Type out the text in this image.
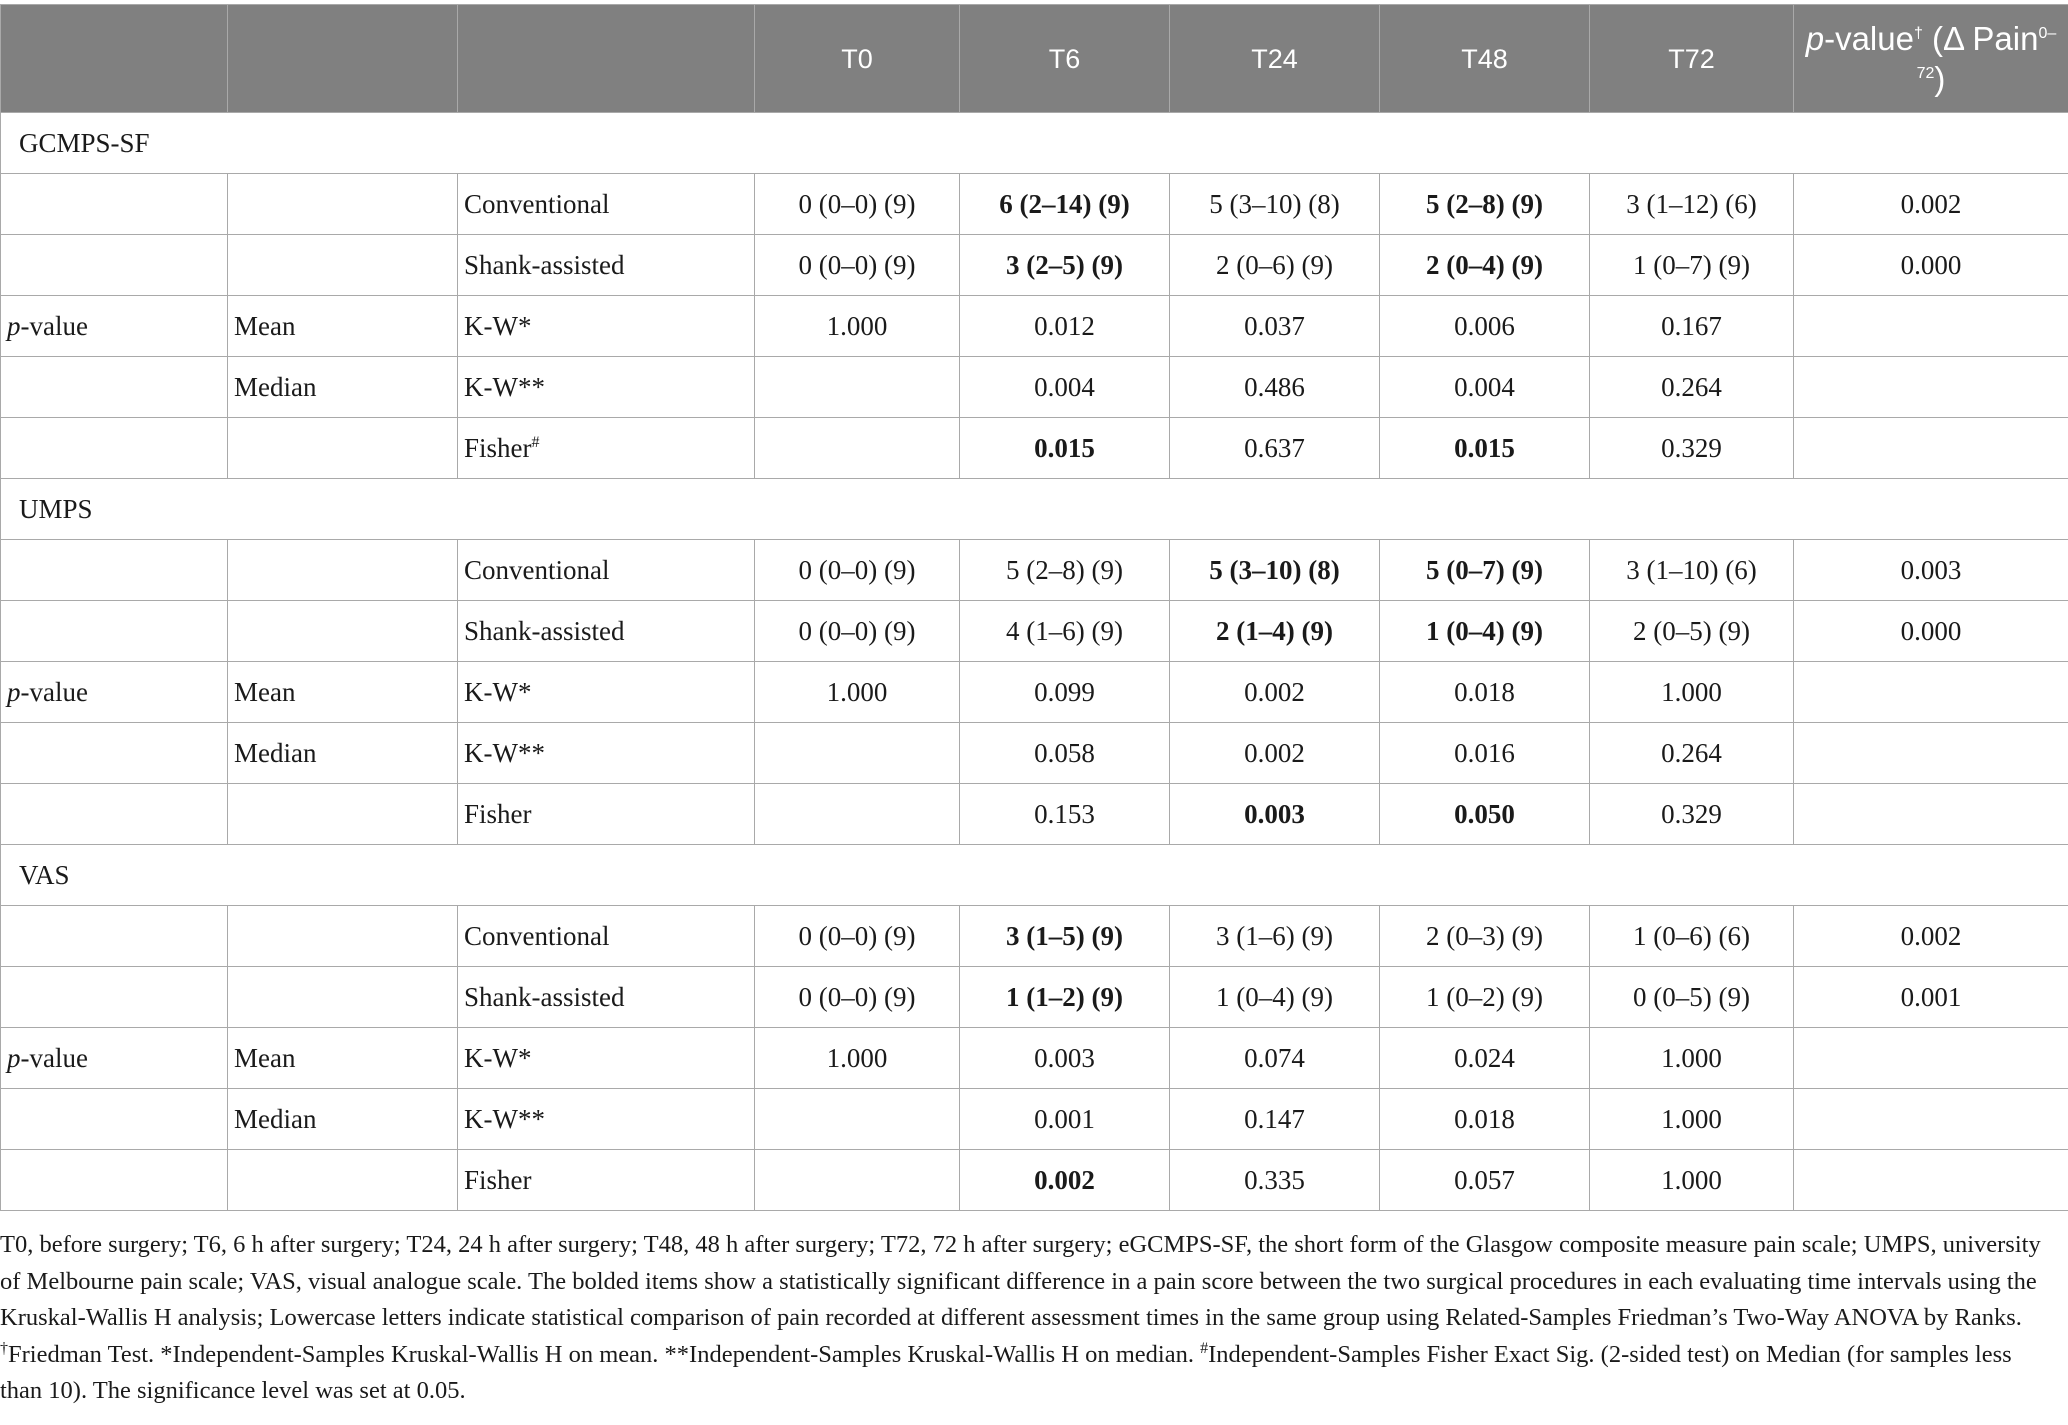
			T0	T6	T24	T48	T72	p-value† (Δ Pain$^{0-72}$)
GCMPS-SF								
		Conventional	0 (0–0) (9)	6 (2–14) (9)	5 (3–10) (8)	5 (2–8) (9)	3 (1–12) (6)	0.002
		Shank-assisted	0 (0–0) (9)	3 (2–5) (9)	2 (0–6) (9)	2 (0–4) (9)	1 (0–7) (9)	0.000
p-value	Mean	K-W*	1.000	0.012	0.037	0.006	0.167	
	Median	K-W**		0.004	0.486	0.004	0.264	
		Fisher#		0.015	0.637	0.015	0.329	
UMPS								
		Conventional	0 (0–0) (9)	5 (2–8) (9)	5 (3–10) (8)	5 (0–7) (9)	3 (1–10) (6)	0.003
		Shank-assisted	0 (0–0) (9)	4 (1–6) (9)	2 (1–4) (9)	1 (0–4) (9)	2 (0–5) (9)	0.000
p-value	Mean	K-W*	1.000	0.099	0.002	0.018	1.000	
	Median	K-W**		0.058	0.002	0.016	0.264	
		Fisher		0.153	0.003	0.050	0.329	
VAS								
		Conventional	0 (0–0) (9)	3 (1–5) (9)	3 (1–6) (9)	2 (0–3) (9)	1 (0–6) (6)	0.002
		Shank-assisted	0 (0–0) (9)	1 (1–2) (9)	1 (0–4) (9)	1 (0–2) (9)	0 (0–5) (9)	0.001
p-value	Mean	K-W*	1.000	0.003	0.074	0.024	1.000	
	Median	K-W**		0.001	0.147	0.018	1.000	
		Fisher		0.002	0.335	0.057	1.000	
T0, before surgery; T6, 6 h after surgery; T24, 24 h after surgery; T48, 48 h after surgery; T72, 72 h after surgery; eGCMPS-SF, the short form of the Glasgow composite measure pain scale; UMPS, university of Melbourne pain scale; VAS, visual analogue scale. The bolded items show a statistically significant difference in a pain score between the two surgical procedures in each evaluating time intervals using the Kruskal-Wallis H analysis; Lowercase letters indicate statistical comparison of pain recorded at different assessment times in the same group using Related-Samples Friedman’s Two-Way ANOVA by Ranks. †Friedman Test. *Independent-Samples Kruskal-Wallis H on mean. **Independent-Samples Kruskal-Wallis H on median. #Independent-Samples Fisher Exact Sig. (2-sided test) on Median (for samples less than 10). The significance level was set at 0.05.
